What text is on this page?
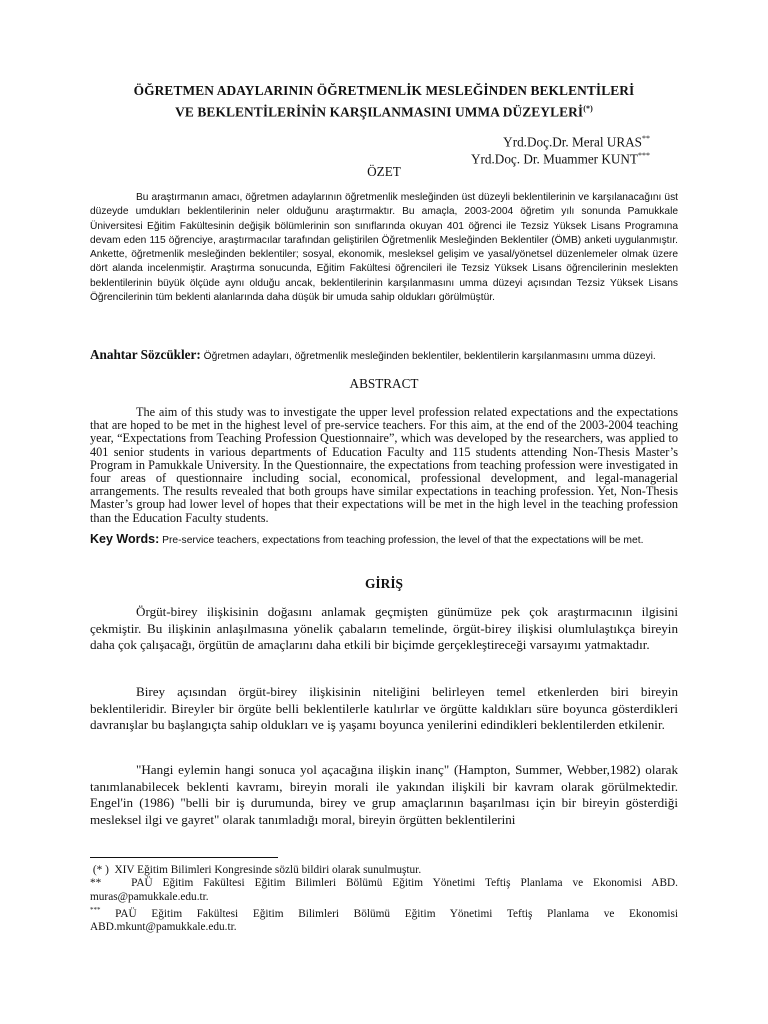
ÖĞRETMEN ADAYLARININ ÖĞRETMENLİK MESLEĞİNDEN BEKLENTİLERİ
VE BEKLENTİLERİNİN KARŞILANMASINI UMMA DÜZEYLERİ(*)
Yrd.Doç.Dr. Meral URAS**
Yrd.Doç. Dr. Muammer KUNT***
ÖZET
Bu araştırmanın amacı, öğretmen adaylarının öğretmenlik mesleğinden üst düzeyli beklentilerinin ve karşılanacağını üst düzeyde umdukları beklentilerinin neler olduğunu araştırmaktır. Bu amaçla, 2003-2004 öğretim yılı sonunda Pamukkale Üniversitesi Eğitim Fakültesinin değişik bölümlerinin son sınıflarında okuyan 401 öğrenci ile Tezsiz Yüksek Lisans Programına devam eden 115 öğrenciye, araştırmacılar tarafından geliştirilen Öğretmenlik Mesleğinden Beklentiler (ÖMB) anketi uygulanmıştır. Ankette, öğretmenlik mesleğinden beklentiler; sosyal, ekonomik, mesleksel gelişim ve yasal/yönetsel düzenlemeler olmak üzere dört alanda incelenmiştir. Araştırma sonucunda, Eğitim Fakültesi öğrencileri ile Tezsiz Yüksek Lisans öğrencilerinin meslekten beklentilerinin büyük ölçüde aynı olduğu ancak, beklentilerinin karşılanmasını umma düzeyi açısından Tezsiz Yüksek Lisans Öğrencilerinin tüm beklenti alanlarında daha düşük bir umuda sahip oldukları görülmüştür.
Anahtar Sözcükler: Öğretmen adayları, öğretmenlik mesleğinden beklentiler, beklentilerin karşılanmasını umma düzeyi.
ABSTRACT
The aim of this study was to investigate the upper level profession related expectations and the expectations that are hoped to be met in the highest level of pre-service teachers. For this aim, at the end of the 2003-2004 teaching year, “Expectations from Teaching Profession Questionnaire”, which was developed by the researchers, was applied to 401 senior students in various departments of Education Faculty and 115 students attending Non-Thesis Master’s Program in Pamukkale University. In the Questionnaire, the expectations from teaching profession were investigated in four areas of questionnaire including social, economical, professional development, and legal-managerial arrangements. The results revealed that both groups have similar expectations in teaching profession. Yet, Non-Thesis Master’s group had lower level of hopes that their expectations will be met in the high level in the teaching profession than the Education Faculty students.
Key Words: Pre-service teachers, expectations from teaching profession, the level of that the expectations will be met.
GİRİŞ
Örgüt-birey ilişkisinin doğasını anlamak geçmişten günümüze pek çok araştırmacının ilgisini çekmiştir. Bu ilişkinin anlaşılmasına yönelik çabaların temelinde, örgüt-birey ilişkisi olumlulaştıkça bireyin daha çok çalışacağı, örgütün de amaçlarını daha etkili bir biçimde gerçekleştireceği varsayımı yatmaktadır.
Birey açısından örgüt-birey ilişkisinin niteliğini belirleyen temel etkenlerden biri bireyin beklentileridir. Bireyler bir örgüte belli beklentilerle katılırlar ve örgütte kaldıkları süre boyunca gösterdikleri davranışlar bu başlangıçta sahip oldukları ve iş yaşamı boyunca yenilerini edindikleri beklentilerden etkilenir.
"Hangi eylemin hangi sonuca yol açacağına ilişkin inanç" (Hampton, Summer, Webber,1982) olarak tanımlanabilecek beklenti kavramı, bireyin morali ile yakından ilişkili bir kavram olarak görülmektedir. Engel'in (1986) "belli bir iş durumunda, birey ve grup amaçlarının başarılması için bir bireyin gösterdiği mesleksel ilgi ve gayret" olarak tanımladığı moral, bireyin örgütten beklentilerini
(* ) XIV Eğitim Bilimleri Kongresinde sözlü bildiri olarak sunulmuştur.
**	PAÜ Eğitim Fakültesi Eğitim Bilimleri Bölümü Eğitim Yönetimi Teftiş Planlama ve Ekonomisi ABD. muras@pamukkale.edu.tr.
*** PAÜ Eğitim Fakültesi Eğitim Bilimleri Bölümü Eğitim Yönetimi Teftiş Planlama ve Ekonomisi ABD.mkunt@pamukkale.edu.tr.
